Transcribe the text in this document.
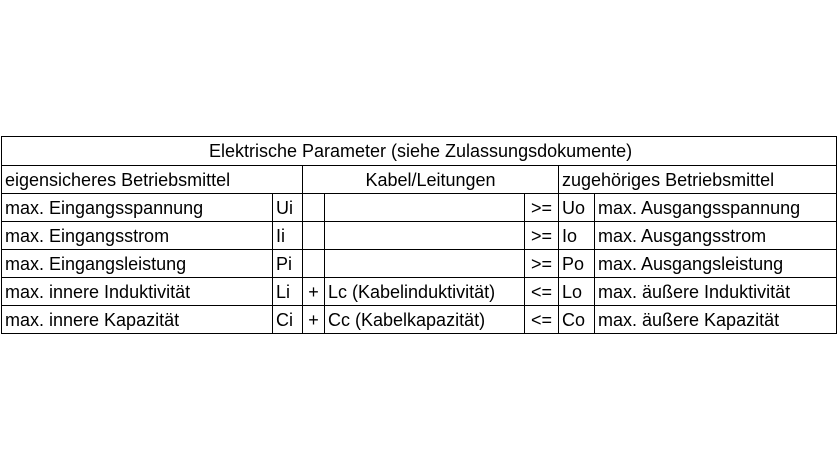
Elektrische Parameter (siehe Zulassungsdokumente)						
eigensicheres Betriebsmittel		Kabel/Leitungen			zugehöriges Betriebsmittel	
max. Eingangsspannung	Ui			>=	Uo	max. Ausgangsspannung
max. Eingangsstrom	Ii			>=	Io	max. Ausgangsstrom
max. Eingangsleistung	Pi			>=	Po	max. Ausgangsleistung
max. innere Induktivität	Li	+	Lc (Kabelinduktivität)	<=	Lo	max. äußere Induktivität
max. innere Kapazität	Ci	+	Cc (Kabelkapazität)	<=	Co	max. äußere Kapazität
